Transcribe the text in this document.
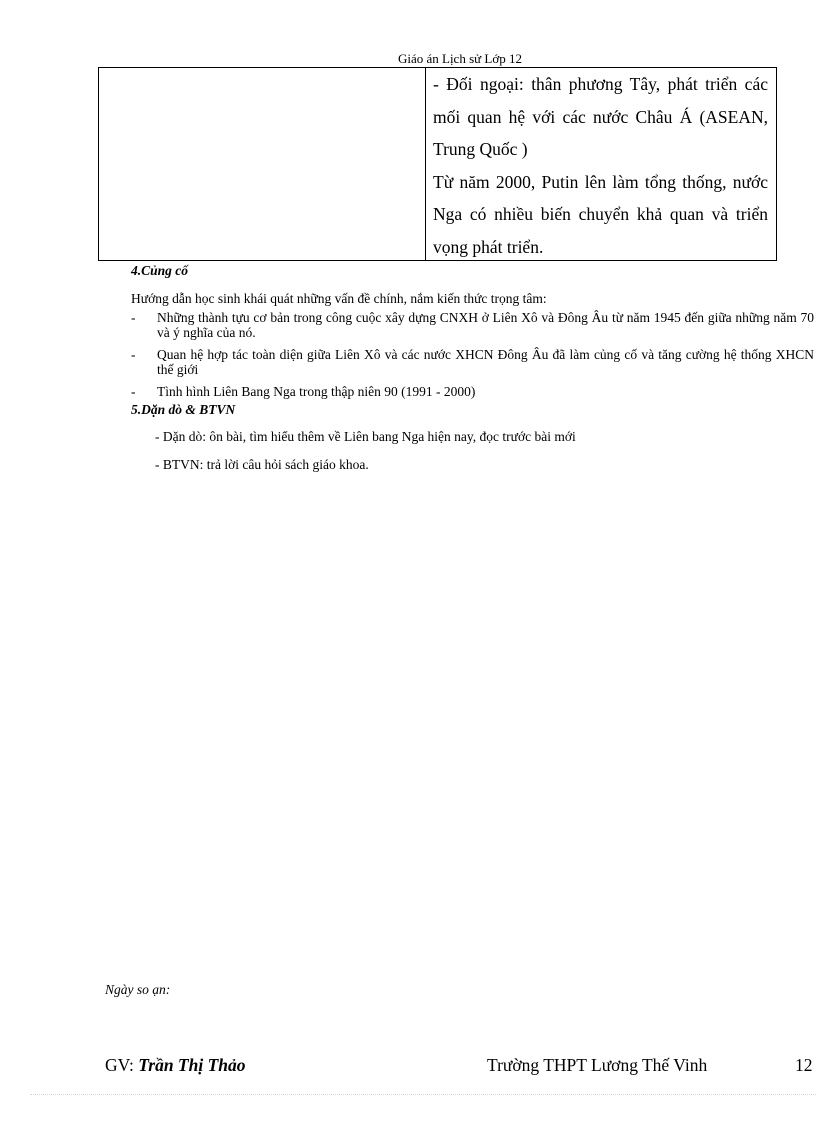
Giáo án Lịch sử Lớp 12

- Đối ngoại: thân phương Tây, phát triển các mối quan hệ với các nước Châu Á (ASEAN, Trung Quốc )

Từ năm 2000, Putin lên làm tổng thống, nước Nga có nhiều biến chuyển khả quan và triển vọng phát triển.

4.Củng cố
Hướng dẫn học sinh khái quát những vấn đề chính, nắm kiến thức trọng tâm:
- Những thành tựu cơ bản trong công cuộc xây dựng CNXH ở Liên Xô và Đông Âu từ năm 1945 đến giữa những năm 70 và ý nghĩa của nó.
- Quan hệ hợp tác toàn diện giữa Liên Xô và các nước XHCN Đông Âu đã làm củng cố và tăng cường hệ thống XHCN thế giới
- Tình hình Liên Bang Nga trong thập niên 90 (1991 - 2000)
5.Dặn dò & BTVN
- Dặn dò: ôn bài, tìm hiểu thêm về Liên bang Nga hiện nay, đọc trước bài mới
- BTVN: trả lời câu hỏi sách giáo khoa.
Ngày so ạn:
GV: Trần Thị Thảo	Trường THPT Lương Thế Vinh	12
